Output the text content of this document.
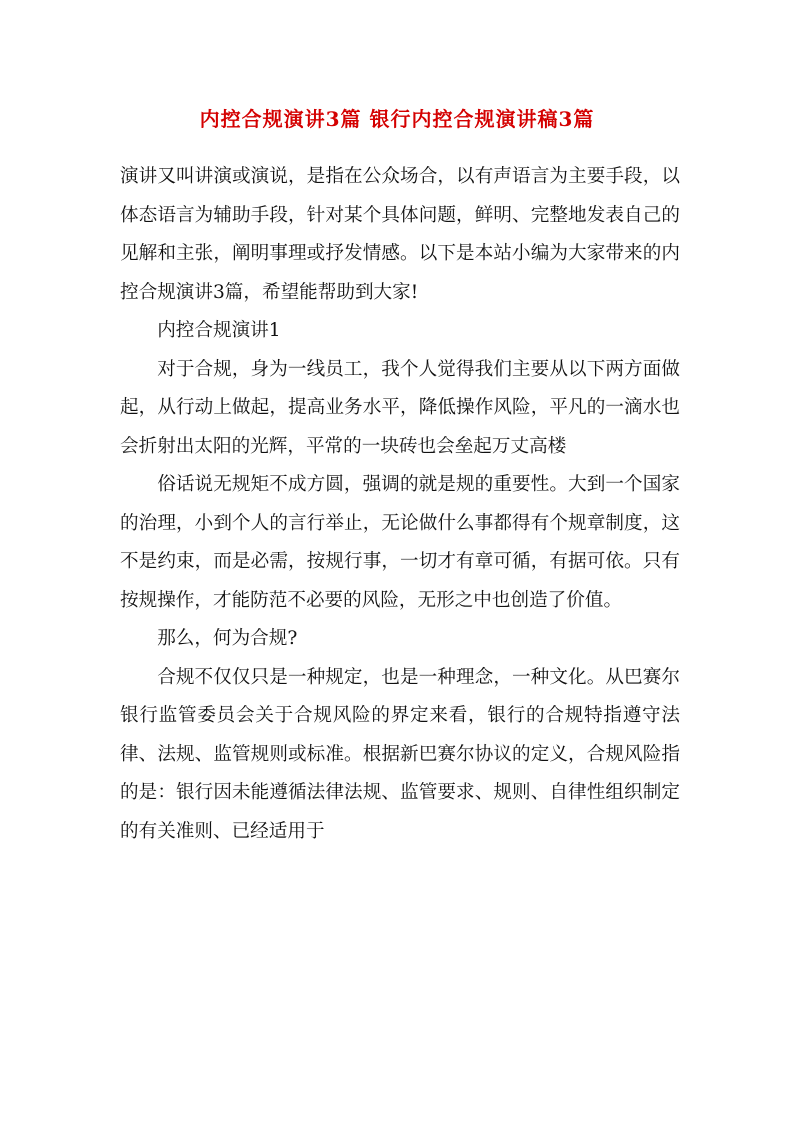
内控合规演讲3篇 银行内控合规演讲稿3篇

演讲又叫讲演或演说，是指在公众场合，以有声语言为主要手段，以体态语言为辅助手段，针对某个具体问题，鲜明、完整地发表自己的见解和主张，阐明事理或抒发情感。以下是本站小编为大家带来的内控合规演讲3篇，希望能帮助到大家!

内控合规演讲1

对于合规，身为一线员工，我个人觉得我们主要从以下两方面做起，从行动上做起，提高业务水平，降低操作风险，平凡的一滴水也会折射出太阳的光辉，平常的一块砖也会垒起万丈高楼

俗话说无规矩不成方圆，强调的就是规的重要性。大到一个国家的治理，小到个人的言行举止，无论做什么事都得有个规章制度，这不是约束，而是必需，按规行事，一切才有章可循，有据可依。只有按规操作，才能防范不必要的风险，无形之中也创造了价值。

那么，何为合规?

合规不仅仅只是一种规定，也是一种理念，一种文化。从巴赛尔银行监管委员会关于合规风险的界定来看，银行的合规特指遵守法律、法规、监管规则或标准。根据新巴赛尔协议的定义，合规风险指的是：银行因未能遵循法律法规、监管要求、规则、自律性组织制定的有关准则、已经适用于
